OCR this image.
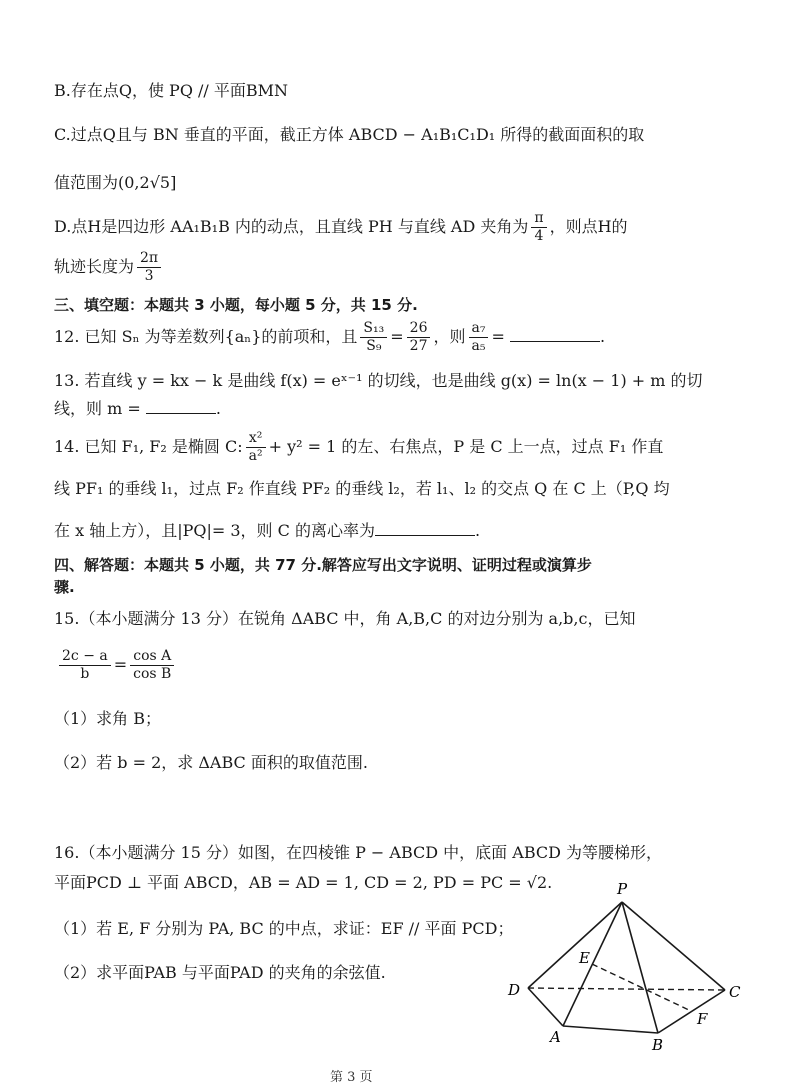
B.存在点Q，使 PQ // 平面BMN
C.过点Q且与 BN 垂直的平面，截正方体 ABCD − A₁B₁C₁D₁ 所得的截面面积的取
值范围为(0,2√5]
D.点H是四边形 AA₁B₁B 内的动点，且直线 PH 与直线 AD 夹角为 $\frac{\pi}{4}$ ，则点H的
轨迹长度为 $\frac{2\pi}{3}$
三、填空题：本题共 3 小题，每小题 5 分，共 15 分.
12. 已知 Sₙ 为等差数列{aₙ}的前项和，且 $\frac{\text{S₁₃}}{\text{S₉}} = \frac{26}{27}$ ，则 $\frac{\text{a₇}}{\text{a₅}}$ =	.
13. 若直线 y = kx − k 是曲线 f(x) = eˣ⁻¹ 的切线，也是曲线 g(x) = ln(x − 1) + m 的切
线，则 m =	.
14. 已知 F₁, F₂ 是椭圆 C: $\frac{\text{x²}}{\text{a²}} + y^2 = 1$ 的左、右焦点，P 是 C 上一点，过点 F₁ 作直
线 PF₁ 的垂线 l₁，过点 F₂ 作直线 PF₂ 的垂线 l₂，若 l₁、l₂ 的交点 Q 在 C 上（P,Q 均
在 x 轴上方），且|PQ|= 3，则 C 的离心率为	.
四、解答题：本题共 5 小题，共 77 分.解答应写出文字说明、证明过程或演算步
骤.
15.（本小题满分 13 分）在锐角 ΔABC 中，角 A,B,C 的对边分别为 a,b,c，已知
$\frac{2c - a}{b} = \frac{\text{cos A}}{\text{cos B}}$
（1）求角 B；
（2）若 b = 2，求 ΔABC 面积的取值范围.
16.（本小题满分 15 分）如图，在四棱锥 P − ABCD 中，底面 ABCD 为等腰梯形，
平面PCD ⊥ 平面 ABCD，AB = AD = 1, CD = 2, PD = PC = √2.
（1）若 E, F 分别为 PA, BC 的中点，求证：EF // 平面 PCD；
（2）求平面PAB 与平面PAD 的夹角的余弦值.
P
D	C
A	B
E
F
第 3 页
